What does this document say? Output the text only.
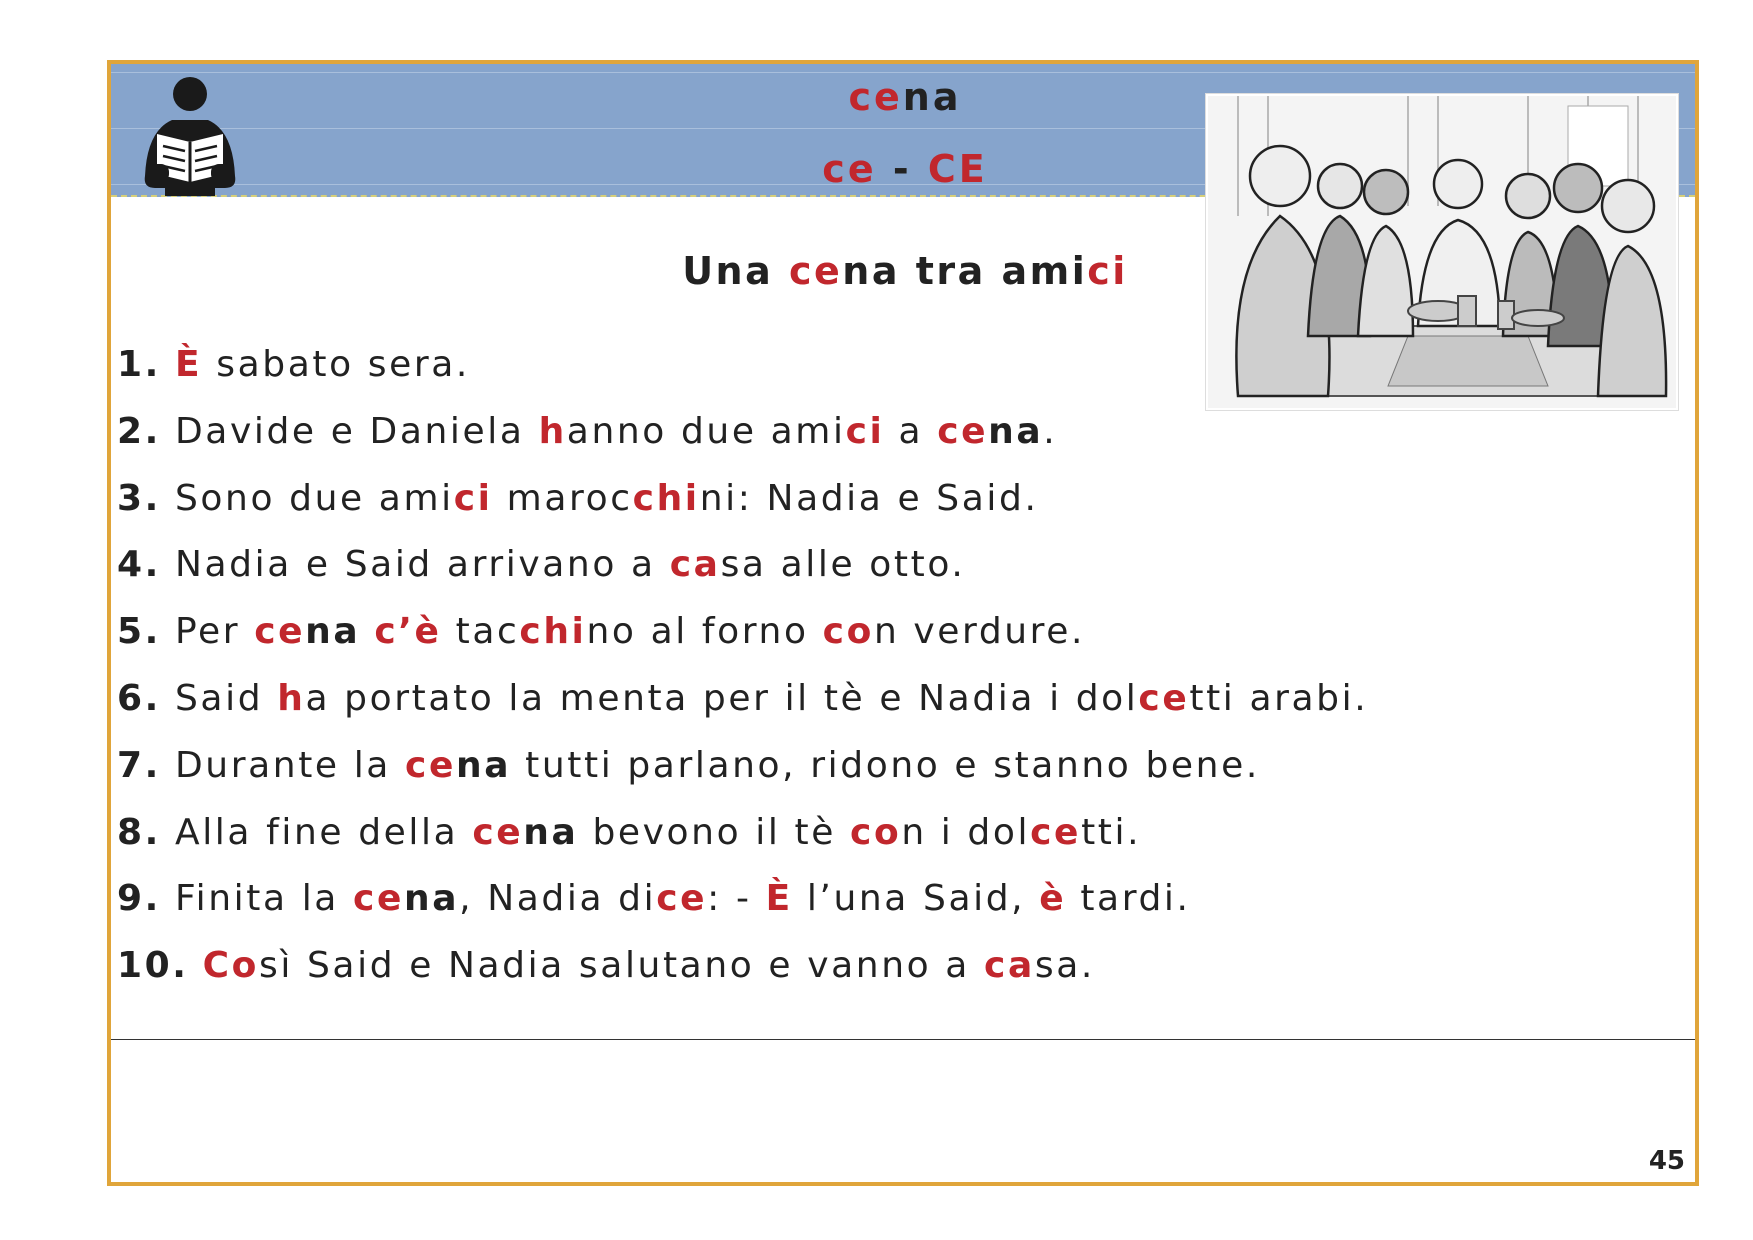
cena
ce - CE
Una cena tra amici
1. È sabato sera.
2. Davide e Daniela hanno due amici a cena.
3. Sono due amici marocchini: Nadia e Said.
4. Nadia e Said arrivano a casa alle otto.
5. Per cena c’è tacchino al forno con verdure.
6. Said ha portato la menta per il tè e Nadia i dolcetti arabi.
7. Durante la cena tutti parlano, ridono e stanno bene.
8. Alla fine della cena bevono il tè con i dolcetti.
9. Finita la cena, Nadia dice: - È l’una Said, è tardi.
10. Così Said e Nadia salutano e vanno a casa.
45
